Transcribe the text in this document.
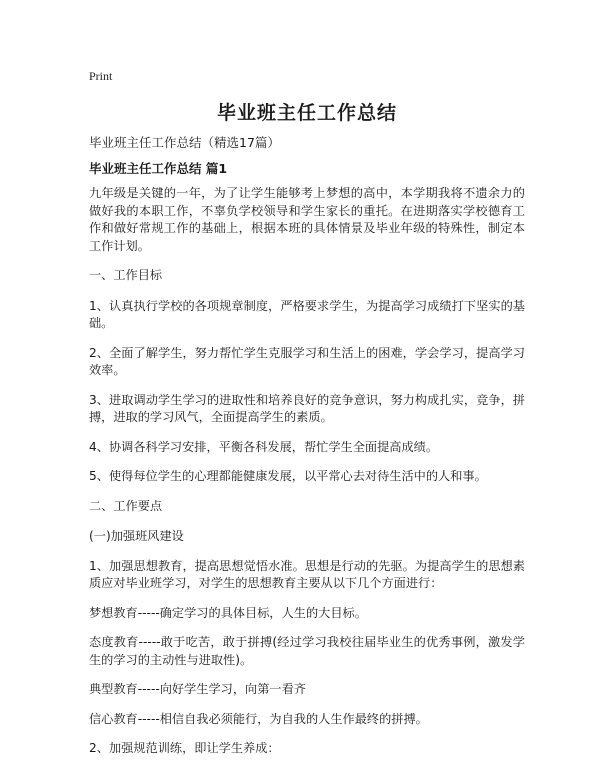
Print
毕业班主任工作总结

毕业班主任工作总结（精选17篇）

毕业班主任工作总结 篇1

九年级是关键的一年，为了让学生能够考上梦想的高中，本学期我将不遗余力的做好我的本职工作，不辜负学校领导和学生家长的重托。在进期落实学校德育工作和做好常规工作的基础上，根据本班的具体情景及毕业年级的特殊性，制定本工作计划。

一、工作目标

1、认真执行学校的各项规章制度，严格要求学生，为提高学习成绩打下坚实的基础。

2、全面了解学生，努力帮忙学生克服学习和生活上的困难，学会学习，提高学习效率。

3、进取调动学生学习的进取性和培养良好的竞争意识，努力构成扎实，竞争，拼搏，进取的学习风气，全面提高学生的素质。

4、协调各科学习安排，平衡各科发展，帮忙学生全面提高成绩。

5、使得每位学生的心理都能健康发展，以平常心去对待生活中的人和事。

二、工作要点

(一)加强班风建设

1、加强思想教育，提高思想觉悟水准。思想是行动的先驱。为提高学生的思想素质应对毕业班学习，对学生的思想教育主要从以下几个方面进行：

梦想教育-----确定学习的具体目标，人生的大目标。

态度教育-----敢于吃苦，敢于拼搏(经过学习我校往届毕业生的优秀事例，激发学生的学习的主动性与进取性)。

典型教育-----向好学生学习，向第一看齐

信心教育-----相信自我必须能行，为自我的人生作最终的拼搏。

2、加强规范训练，即让学生养成：
